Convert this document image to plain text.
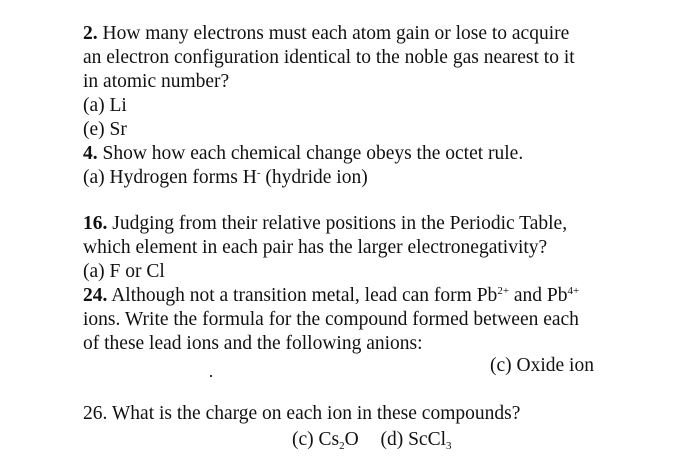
2. How many electrons must each atom gain or lose to acquire
an electron configuration identical to the noble gas nearest to it
in atomic number?
(a) Li
(e) Sr
4. Show how each chemical change obeys the octet rule.
(a) Hydrogen forms H- (hydride ion)
16. Judging from their relative positions in the Periodic Table,
which element in each pair has the larger electronegativity?
(a) F or Cl
24. Although not a transition metal, lead can form $Pb^{2+}$ and $Pb^{4+}$
ions. Write the formula for the compound formed between each
of these lead ions and the following anions:
(c) Oxide ion
26. What is the charge on each ion in these compounds?
(c) $Cs_2O$ (d) ScCl$_3$
